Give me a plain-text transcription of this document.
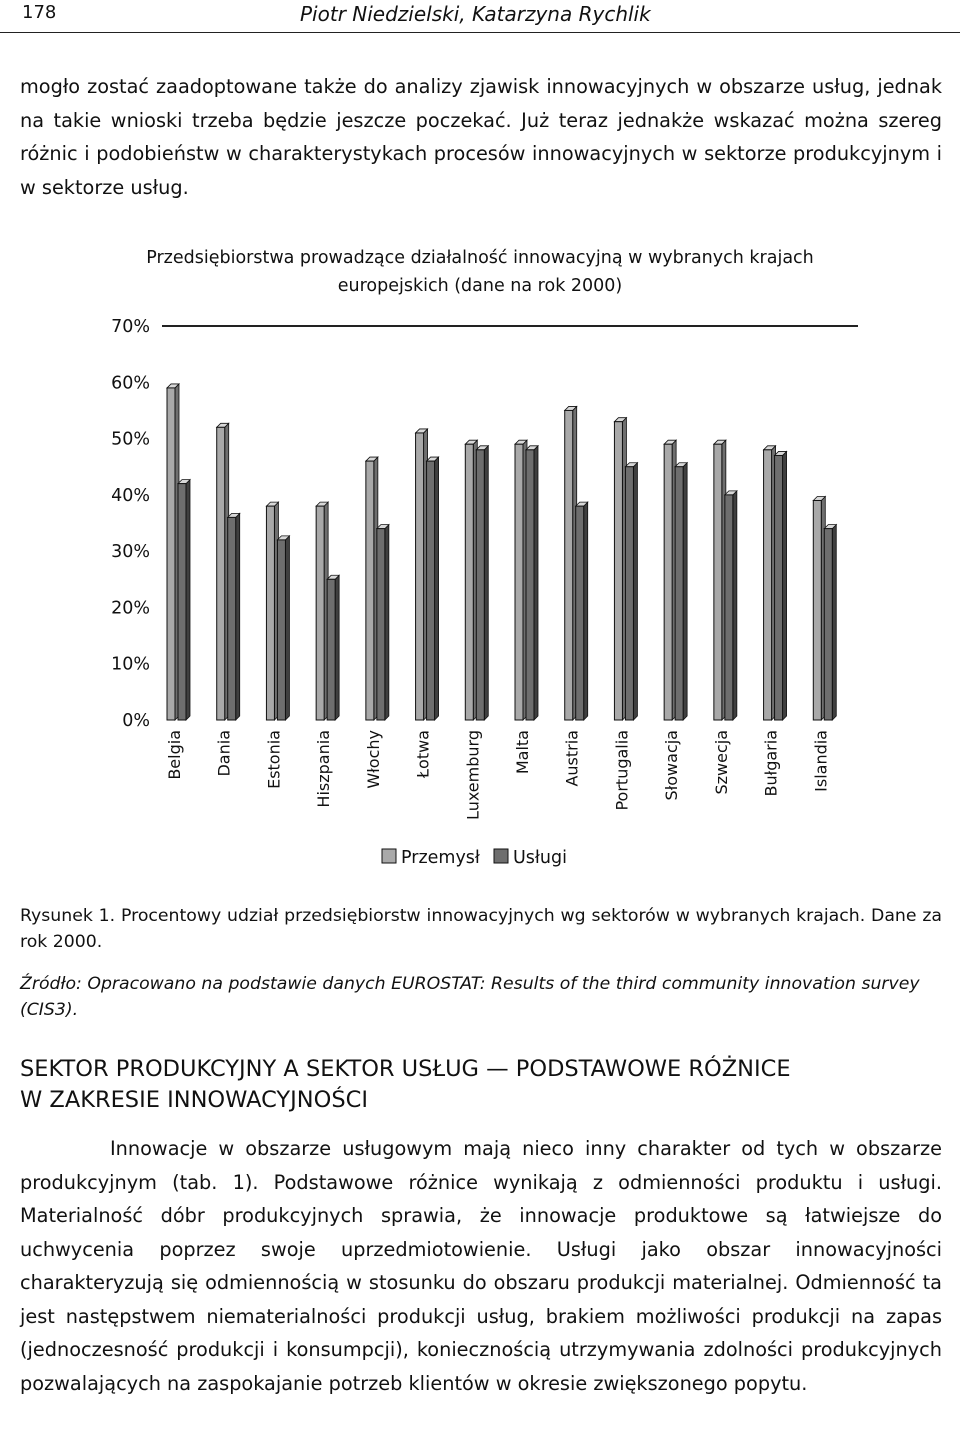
178	Piotr Niedzielski, Katarzyna Rychlik

mogło zostać zaadoptowane także do analizy zjawisk innowacyjnych w obszarze usług, jednak na takie wnioski trzeba będzie jeszcze poczekać. Już teraz jednakże wskazać można szereg różnic i podobieństw w charakterystykach procesów innowacyjnych w sektorze produkcyjnym i w sektorze usług.

Przedsiębiorstwa prowadzące działalność innowacyjną w wybranych krajach
europejskich (dane na rok 2000)
0%
10%
20%
30%
40%
50%
60%
70%
Belgia Dania Estonia Hiszpania Włochy Łotwa Luxemburg Malta Austria Portugalia Słowacja Szwecja Bułgaria Islandia
Przemysł Usługi

Rysunek 1. Procentowy udział przedsiębiorstw innowacyjnych wg sektorów w wybranych krajach. Dane za rok 2000.

Źródło: Opracowano na podstawie danych EUROSTAT: Results of the third community innovation survey (CIS3).

SEKTOR PRODUKCYJNY A SEKTOR USŁUG — PODSTAWOWE RÓŻNICE
W ZAKRESIE INNOWACYJNOŚCI

Innowacje w obszarze usługowym mają nieco inny charakter od tych w obszarze produkcyjnym (tab. 1). Podstawowe różnice wynikają z odmienności produktu i usługi. Materialność dóbr produkcyjnych sprawia, że innowacje produktowe są łatwiejsze do uchwycenia poprzez swoje uprzedmiotowienie. Usługi jako obszar innowacyjności charakteryzują się odmiennością w stosunku do obszaru produkcji materialnej. Odmienność ta jest następstwem niematerialności produkcji usług, brakiem możliwości produkcji na zapas (jednoczesność produkcji i konsumpcji), koniecznością utrzymywania zdolności produkcyjnych pozwalających na zaspokajanie potrzeb klientów w okresie zwiększonego popytu.
